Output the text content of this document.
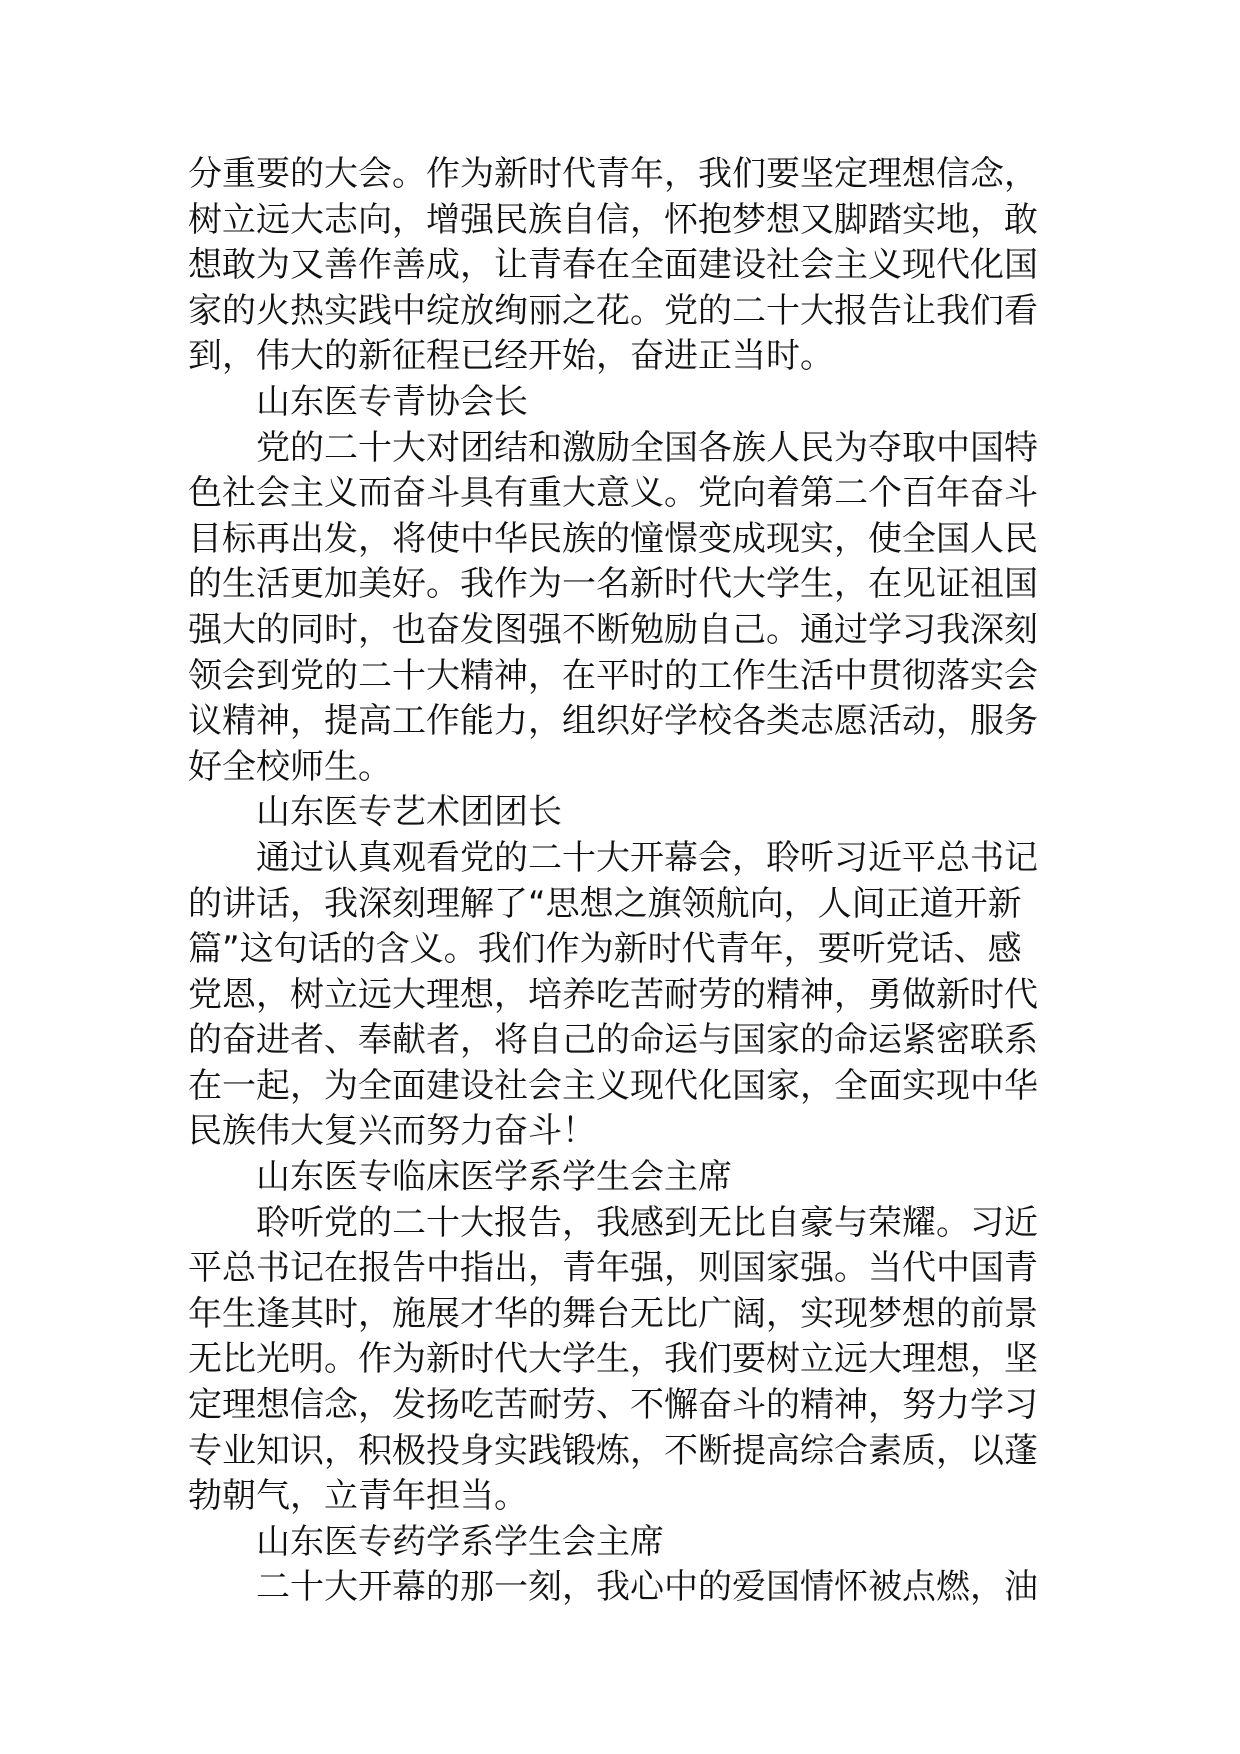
分重要的大会。作为新时代青年，我们要坚定理想信念，
树立远大志向，增强民族自信，怀抱梦想又脚踏实地，敢
想敢为又善作善成，让青春在全面建设社会主义现代化国
家的火热实践中绽放绚丽之花。党的二十大报告让我们看
到，伟大的新征程已经开始，奋进正当时。
山东医专青协会长
党的二十大对团结和激励全国各族人民为夺取中国特
色社会主义而奋斗具有重大意义。党向着第二个百年奋斗
目标再出发，将使中华民族的憧憬变成现实，使全国人民
的生活更加美好。我作为一名新时代大学生，在见证祖国
强大的同时，也奋发图强不断勉励自己。通过学习我深刻
领会到党的二十大精神，在平时的工作生活中贯彻落实会
议精神，提高工作能力，组织好学校各类志愿活动，服务
好全校师生。
山东医专艺术团团长
通过认真观看党的二十大开幕会，聆听习近平总书记
的讲话，我深刻理解了“思想之旗领航向，人间正道开新
篇”这句话的含义。我们作为新时代青年，要听党话、感
党恩，树立远大理想，培养吃苦耐劳的精神，勇做新时代
的奋进者、奉献者，将自己的命运与国家的命运紧密联系
在一起，为全面建设社会主义现代化国家，全面实现中华
民族伟大复兴而努力奋斗！
山东医专临床医学系学生会主席
聆听党的二十大报告，我感到无比自豪与荣耀。习近
平总书记在报告中指出，青年强，则国家强。当代中国青
年生逢其时，施展才华的舞台无比广阔，实现梦想的前景
无比光明。作为新时代大学生，我们要树立远大理想，坚
定理想信念，发扬吃苦耐劳、不懈奋斗的精神，努力学习
专业知识，积极投身实践锻炼，不断提高综合素质，以蓬
勃朝气，立青年担当。
山东医专药学系学生会主席
二十大开幕的那一刻，我心中的爱国情怀被点燃，油
